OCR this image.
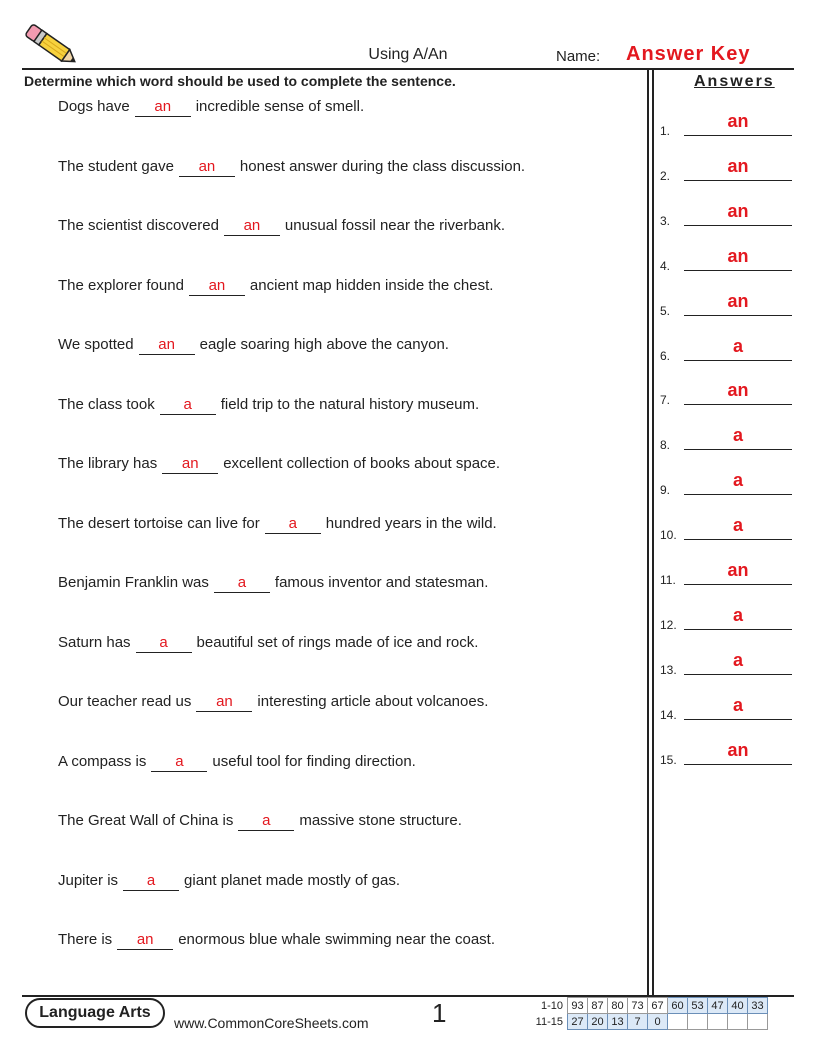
Using A/An	Name: Answer Key
Determine which word should be used to complete the sentence.	Answers
Dogs have	an	incredible sense of smell.
The student gave	an	honest answer during the class discussion.
The scientist discovered	an	unusual fossil near the riverbank.
The explorer found	an	ancient map hidden inside the chest.
We spotted	an	eagle soaring high above the canyon.
The class took	a	field trip to the natural history museum.
The library has	an	excellent collection of books about space.
The desert tortoise can live for	a	hundred years in the wild.
Benjamin Franklin was	a	famous inventor and statesman.
Saturn has	a	beautiful set of rings made of ice and rock.
Our teacher read us	an	interesting article about volcanoes.
A compass is	a	useful tool for finding direction.
The Great Wall of China is	a	massive stone structure.
Jupiter is	a	giant planet made mostly of gas.
There is	an	enormous blue whale swimming near the coast.
1.	an
2.	an
3.	an
4.	an
5.	an
6.	a
7.	an
8.	a
9.	a
10.	a
11.	an
12.	a
13.	a
14.	a
15.	an
Language Arts
www.CommonCoreSheets.com 1	1-10	93	87	80	73	67	60	53	47	40	33
11-15	27	20	13	7	0					
